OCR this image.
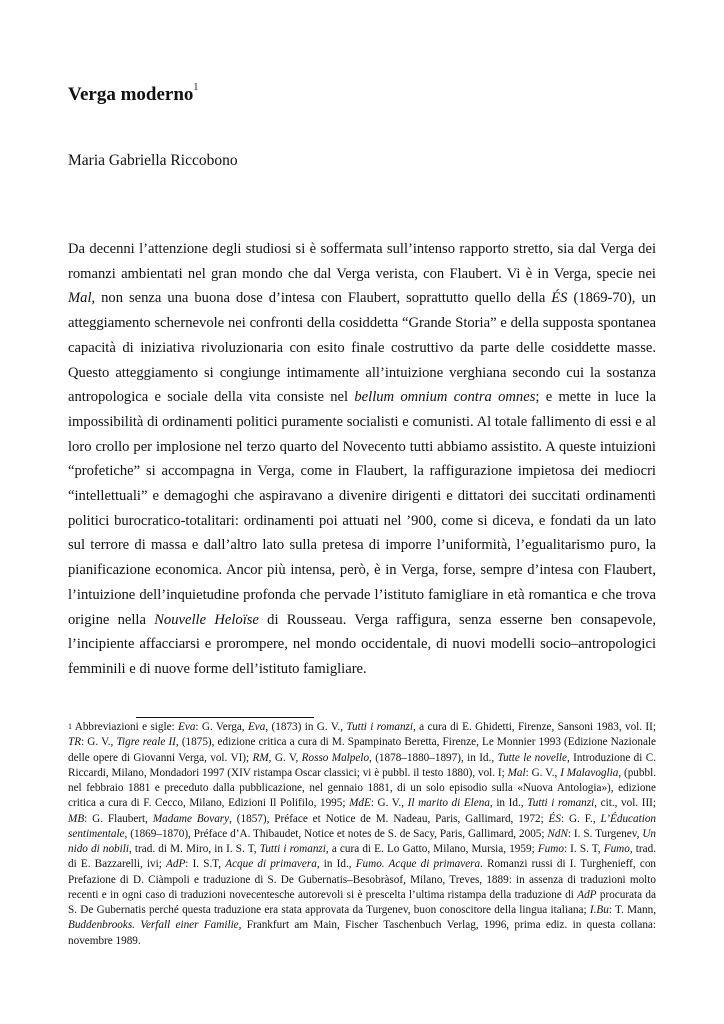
Verga moderno$^1$

Maria Gabriella Riccobono

Da decenni l’attenzione degli studiosi si è soffermata sull’intenso rapporto stretto, sia dal Verga dei romanzi ambientati nel gran mondo che dal Verga verista, con Flaubert. Vi è in Verga, specie nei Mal, non senza una buona dose d’intesa con Flaubert, soprattutto quello della ÉS (1869-70), un atteggiamento schernevole nei confronti della cosiddetta “Grande Storia” e della supposta spontanea capacità di iniziativa rivoluzionaria con esito finale costruttivo da parte delle cosiddette masse. Questo atteggiamento si congiunge intimamente all’intuizione verghiana secondo cui la sostanza antropologica e sociale della vita consiste nel bellum omnium contra omnes; e mette in luce la impossibilità di ordinamenti politici puramente socialisti e comunisti. Al totale fallimento di essi e al loro crollo per implosione nel terzo quarto del Novecento tutti abbiamo assistito. A queste intuizioni “profetiche” si accompagna in Verga, come in Flaubert, la raffigurazione impietosa dei mediocri “intellettuali” e demagoghi che aspiravano a divenire dirigenti e dittatori dei succitati ordinamenti politici burocratico-totalitari: ordinamenti poi attuati nel ’900, come si diceva, e fondati da un lato sul terrore di massa e dall’altro lato sulla pretesa di imporre l’uniformità, l’egualitarismo puro, la pianificazione economica. Ancor più intensa, però, è in Verga, forse, sempre d’intesa con Flaubert, l’intuizione dell’inquietudine profonda che pervade l’istituto famigliare in età romantica e che trova origine nella Nouvelle Heloïse di Rousseau. Verga raffigura, senza esserne ben consapevole, l’incipiente affacciarsi e prorompere, nel mondo occidentale, di nuovi modelli socio–antropologici femminili e di nuove forme dell’istituto famigliare.

$^1$ Abbreviazioni e sigle: Eva: G. Verga, Eva, (1873) in G. V., Tutti i romanzi, a cura di E. Ghidetti, Firenze, Sansoni 1983, vol. II; TR: G. V., Tigre reale II, (1875), edizione critica a cura di M. Spampinato Beretta, Firenze, Le Monnier 1993 (Edizione Nazionale delle opere di Giovanni Verga, vol. VI); RM, G. V, Rosso Malpelo, (1878–1880–1897), in Id., Tutte le novelle, Introduzione di C. Riccardi, Milano, Mondadori 1997 (XIV ristampa Oscar classici; vi è pubbl. il testo 1880), vol. I; Mal: G. V., I Malavoglia, (pubbl. nel febbraio 1881 e preceduto dalla pubblicazione, nel gennaio 1881, di un solo episodio sulla «Nuova Antologia»), edizione critica a cura di F. Cecco, Milano, Edizioni Il Polifilo, 1995; MdE: G. V., Il marito di Elena, in Id., Tutti i romanzi, cit., vol. III; MB: G. Flaubert, Madame Bovary, (1857), Préface et Notice de M. Nadeau, Paris, Gallimard, 1972; ÉS: G. F., L’Éducation sentimentale, (1869–1870), Préface d’A. Thibaudet, Notice et notes de S. de Sacy, Paris, Gallimard, 2005; NdN: I. S. Turgenev, Un nido di nobili, trad. di M. Miro, in I. S. T, Tutti i romanzi, a cura di E. Lo Gatto, Milano, Mursia, 1959; Fumo: I. S. T, Fumo, trad. di E. Bazzarelli, ivi; AdP: I. S.T, Acque di primavera, in Id., Fumo. Acque di primavera. Romanzi russi di I. Turghenieff, con Prefazione di D. Ciàmpoli e traduzione di S. De Gubernatis–Besobràsof, Milano, Treves, 1889: in assenza di traduzioni molto recenti e in ogni caso di traduzioni novecentesche autorevoli si è prescelta l’ultima ristampa della traduzione di AdP procurata da S. De Gubernatis perché questa traduzione era stata approvata da Turgenev, buon conoscitore della lingua italiana; I.Bu: T. Mann, Buddenbrooks. Verfall einer Familie, Frankfurt am Main, Fischer Taschenbuch Verlag, 1996, prima ediz. in questa collana: novembre 1989.
